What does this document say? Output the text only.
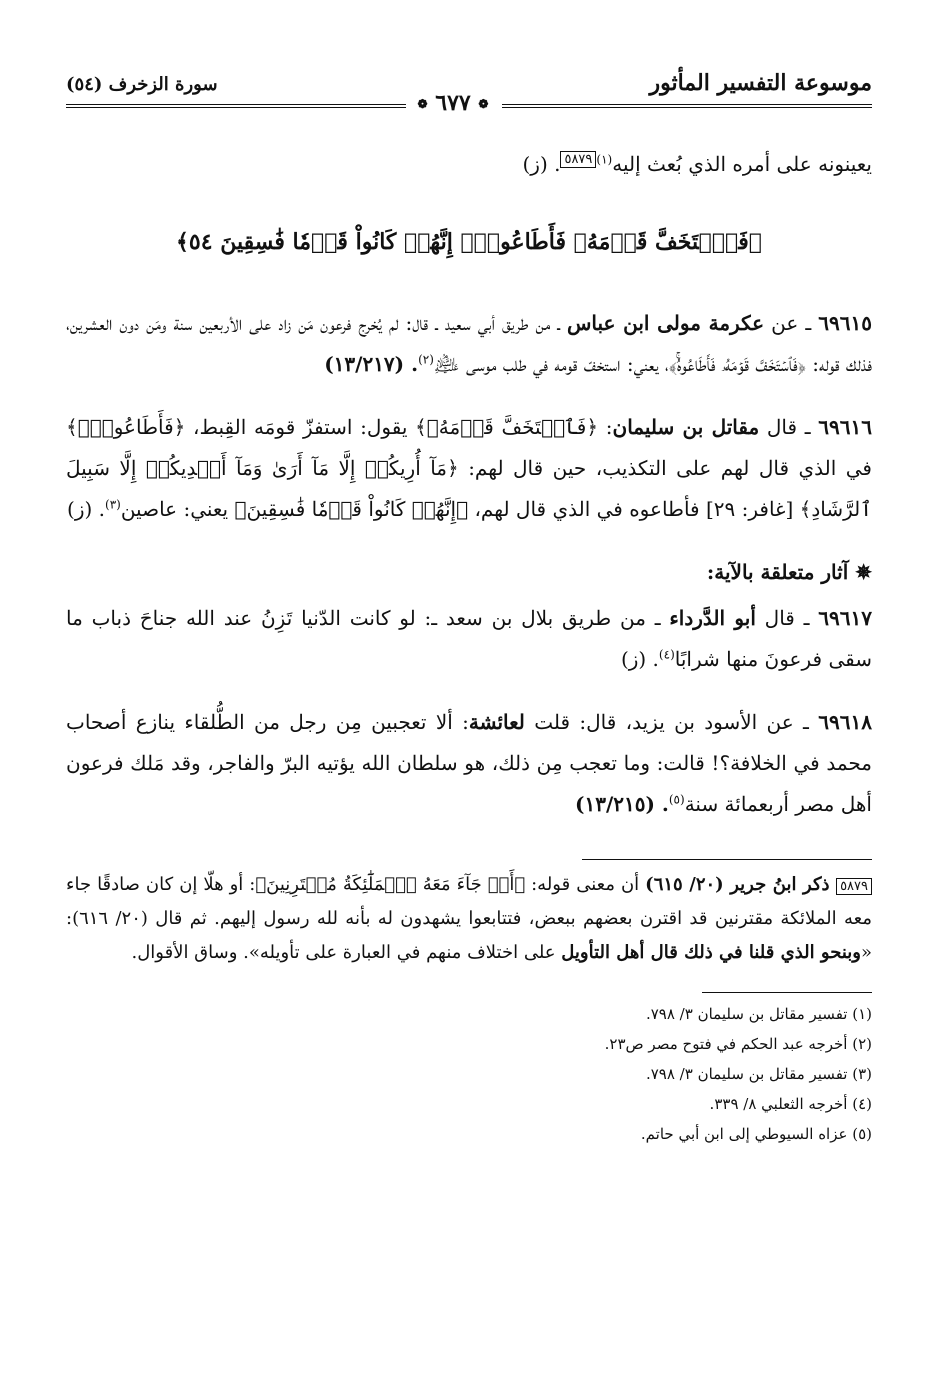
موسوعة التفسير المأثور
سورة الزخرف (٥٤)
❁ ٦٧٧ ❁

يعينونه على أمره الذي بُعث إليه$^{(١)}$٥٨٧٩. (ز)

﴿فَٱسۡتَخَفَّ قَوۡمَهُۥ فَأَطَاعُوهُۚ إِنَّهُمۡ كَانُواْ قَوۡمٗا فَٰسِقِينَ ٥٤﴾

٦٩٦١٥ ـ عن عكرمة مولى ابن عباس ـ من طريق أبي سعيد ـ قال: لم يُخرج فرعون مَن زاد على الأربعين سنة ومَن دون العشرين، فذلك قوله: ﴿فَٱسۡتَخَفَّ قَوۡمَهُۥ فَأَطَاعُوهُۚ﴾، يعني: استخفّ قومه في طلب موسى ﵇$^{(٢)}$. (١٣/٢١٧)

٦٩٦١٦ ـ قال مقاتل بن سليمان: ﴿فَٱسۡتَخَفَّ قَوۡمَهُۥ﴾ يقول: استفزّ قومَه القِبط، ﴿فَأَطَاعُوهُۚ﴾ في الذي قال لهم على التكذيب، حين قال لهم: ﴿مَآ أُرِيكُمۡ إِلَّا مَآ أَرَىٰ وَمَآ أَهۡدِيكُمۡ إِلَّا سَبِيلَ ٱلرَّشَادِ﴾ [غافر: ٢٩] فأطاعوه في الذي قال لهم، ﴿إِنَّهُمۡ كَانُواْ قَوۡمٗا فَٰسِقِينَ﴾ يعني: عاصين$^{(٣)}$. (ز)

✵ آثار متعلقة بالآية:

٦٩٦١٧ ـ قال أبو الدَّرداء ـ من طريق بلال بن سعد ـ: لو كانت الدّنيا تَزِنُ عند الله جناحَ ذباب ما سقى فرعونَ منها شرابًا$^{(٤)}$. (ز)

٦٩٦١٨ ـ عن الأسود بن يزيد، قال: قلت لعائشة: ألا تعجبين مِن رجل من الطُّلقاء ينازع أصحاب محمد في الخلافة؟! قالت: وما تعجب مِن ذلك، هو سلطان الله يؤتيه البرّ والفاجر، وقد مَلك فرعون أهل مصر أربعمائة سنة$^{(٥)}$. (١٣/٢١٥)

٥٨٧٩ ذكر ابنُ جرير (٢٠/ ٦١٥) أن معنى قوله: ﴿أَوۡ جَآءَ مَعَهُ ٱلۡمَلَٰٓئِكَةُ مُقۡتَرِنِينَ﴾: أو هلّا إن كان صادقًا جاء معه الملائكة مقترنين قد اقترن بعضهم ببعض، فتتابعوا يشهدون له بأنه لله رسول إليهم. ثم قال (٢٠/ ٦١٦): «وبنحو الذي قلنا في ذلك قال أهل التأويل على اختلاف منهم في العبارة على تأويله». وساق الأقوال.

(١) تفسير مقاتل بن سليمان ٣/ ٧٩٨.
(٢) أخرجه عبد الحكم في فتوح مصر ص٢٣.
(٣) تفسير مقاتل بن سليمان ٣/ ٧٩٨.
(٤) أخرجه الثعلبي ٨/ ٣٣٩.
(٥) عزاه السيوطي إلى ابن أبي حاتم.
